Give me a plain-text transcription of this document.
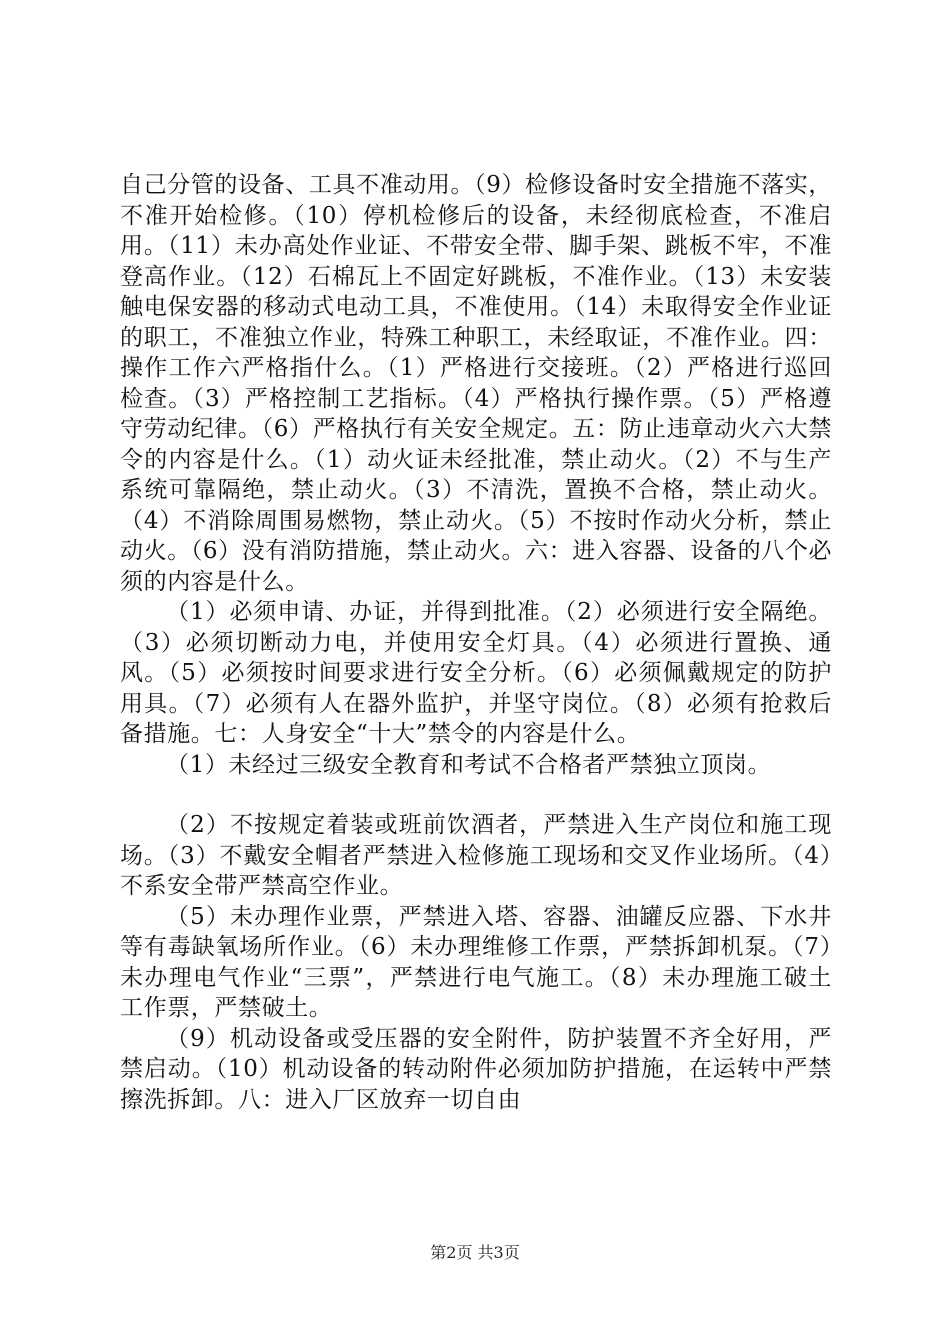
自己分管的设备、工具不准动用。（9）检修设备时安全措施不落实，不准开始检修。（10）停机检修后的设备，未经彻底检查，不准启用。（11）未办高处作业证、不带安全带、脚手架、跳板不牢，不准登高作业。（12）石棉瓦上不固定好跳板，不准作业。（13）未安装触电保安器的移动式电动工具，不准使用。（14）未取得安全作业证的职工，不准独立作业，特殊工种职工，未经取证，不准作业。四：操作工作六严格指什么。（1）严格进行交接班。（2）严格进行巡回检查。（3）严格控制工艺指标。（4）严格执行操作票。（5）严格遵守劳动纪律。（6）严格执行有关安全规定。五：防止违章动火六大禁令的内容是什么。（1）动火证未经批准，禁止动火。（2）不与生产系统可靠隔绝，禁止动火。（3）不清洗，置换不合格，禁止动火。（4）不消除周围易燃物，禁止动火。（5）不按时作动火分析，禁止动火。（6）没有消防措施，禁止动火。六：进入容器、设备的八个必须的内容是什么。

（1）必须申请、办证，并得到批准。（2）必须进行安全隔绝。（3）必须切断动力电，并使用安全灯具。（4）必须进行置换、通风。（5）必须按时间要求进行安全分析。（6）必须佩戴规定的防护用具。（7）必须有人在器外监护，并坚守岗位。（8）必须有抢救后备措施。七：人身安全“十大”禁令的内容是什么。

（1）未经过三级安全教育和考试不合格者严禁独立顶岗。

（2）不按规定着装或班前饮酒者，严禁进入生产岗位和施工现场。（3）不戴安全帽者严禁进入检修施工现场和交叉作业场所。（4）不系安全带严禁高空作业。

（5）未办理作业票，严禁进入塔、容器、油罐反应器、下水井等有毒缺氧场所作业。（6）未办理维修工作票，严禁拆卸机泵。（7）未办理电气作业“三票”，严禁进行电气施工。（8）未办理施工破土工作票，严禁破土。

（9）机动设备或受压器的安全附件，防护装置不齐全好用，严禁启动。（10）机动设备的转动附件必须加防护措施，在运转中严禁擦洗拆卸。八：进入厂区放弃一切自由

第2页 共3页
